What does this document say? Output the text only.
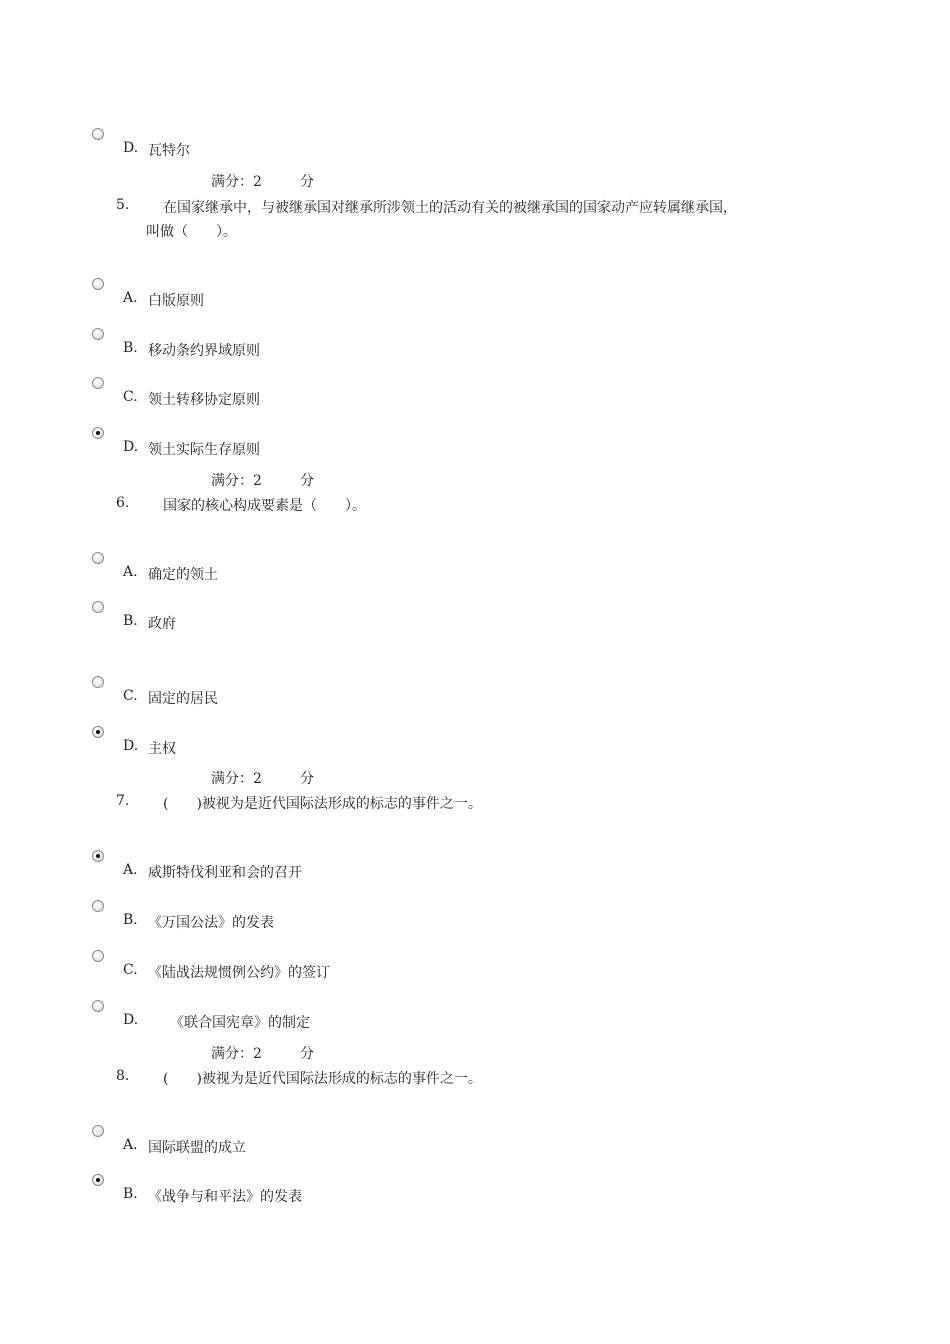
D. 瓦特尔
满分：2	分
5. 在国家继承中，与被继承国对继承所涉领土的活动有关的被继承国的国家动产应转属继承国，
叫做（　　）。
A. 白版原则
B. 移动条约界域原则
C. 领土转移协定原则
D. 领土实际生存原则
满分：2	分
6. 国家的核心构成要素是（　　）。
A. 确定的领土
B. 政府
C. 固定的居民
D. 主权
满分：2	分
7. (　　)被视为是近代国际法形成的标志的事件之一。
A. 威斯特伐利亚和会的召开
B. 《万国公法》的发表
C. 《陆战法规惯例公约》的签订
D. 《联合国宪章》的制定
满分：2	分
8. (　　)被视为是近代国际法形成的标志的事件之一。
A. 国际联盟的成立
B. 《战争与和平法》的发表
